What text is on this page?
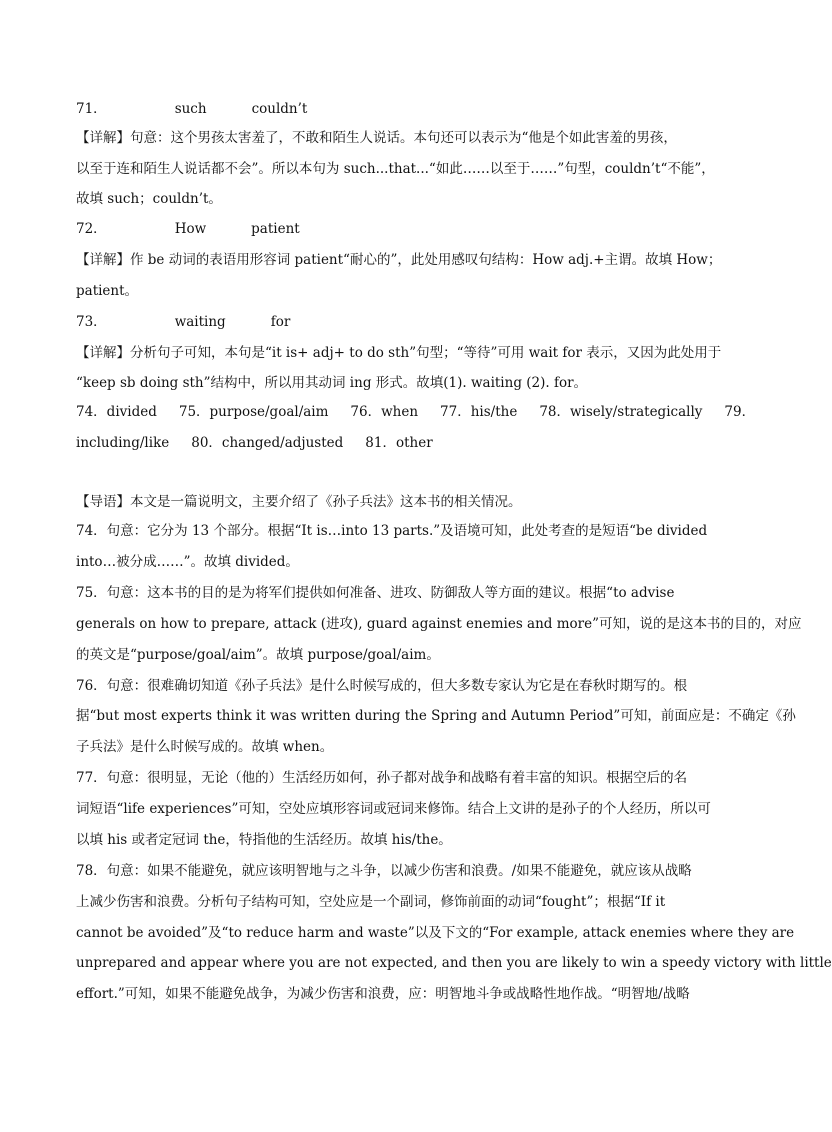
71．	such	couldn’t
【详解】句意：这个男孩太害羞了，不敢和陌生人说话。本句还可以表示为“他是个如此害羞的男孩，
以至于连和陌生人说话都不会”。所以本句为 such...that...“如此……以至于……”句型，couldn’t“不能”，
故填 such；couldn’t。
72．	How	patient
【详解】作 be 动词的表语用形容词 patient“耐心的”，此处用感叹句结构：How adj.+主谓。故填 How；
patient。
73．	waiting	for
【详解】分析句子可知，本句是“it is+ adj+ to do sth”句型；“等待”可用 wait for 表示，又因为此处用于
“keep sb doing sth”结构中，所以用其动词 ing 形式。故填(1). waiting (2). for。
74．divided 75．purpose/goal/aim 76．when 77．his/the 78．wisely/strategically 79．
including/like 80．changed/adjusted 81．other
【导语】本文是一篇说明文，主要介绍了《孙子兵法》这本书的相关情况。
74．句意：它分为 13 个部分。根据“It is…into 13 parts.”及语境可知，此处考查的是短语“be divided
into…被分成……”。故填 divided。
75．句意：这本书的目的是为将军们提供如何准备、进攻、防御敌人等方面的建议。根据“to advise
generals on how to prepare, attack (进攻), guard against enemies and more”可知，说的是这本书的目的，对应
的英文是“purpose/goal/aim”。故填 purpose/goal/aim。
76．句意：很难确切知道《孙子兵法》是什么时候写成的，但大多数专家认为它是在春秋时期写的。根
据“but most experts think it was written during the Spring and Autumn Period”可知，前面应是：不确定《孙
子兵法》是什么时候写成的。故填 when。
77．句意：很明显，无论（他的）生活经历如何，孙子都对战争和战略有着丰富的知识。根据空后的名
词短语“life experiences”可知，空处应填形容词或冠词来修饰。结合上文讲的是孙子的个人经历，所以可
以填 his 或者定冠词 the，特指他的生活经历。故填 his/the。
78．句意：如果不能避免，就应该明智地与之斗争，以减少伤害和浪费。/如果不能避免，就应该从战略
上减少伤害和浪费。分析句子结构可知，空处应是一个副词，修饰前面的动词“fought”；根据“If it
cannot be avoided”及“to reduce harm and waste”以及下文的“For example, attack enemies where they are
unprepared and appear where you are not expected, and then you are likely to win a speedy victory with little
effort.”可知，如果不能避免战争，为减少伤害和浪费，应：明智地斗争或战略性地作战。“明智地/战略
